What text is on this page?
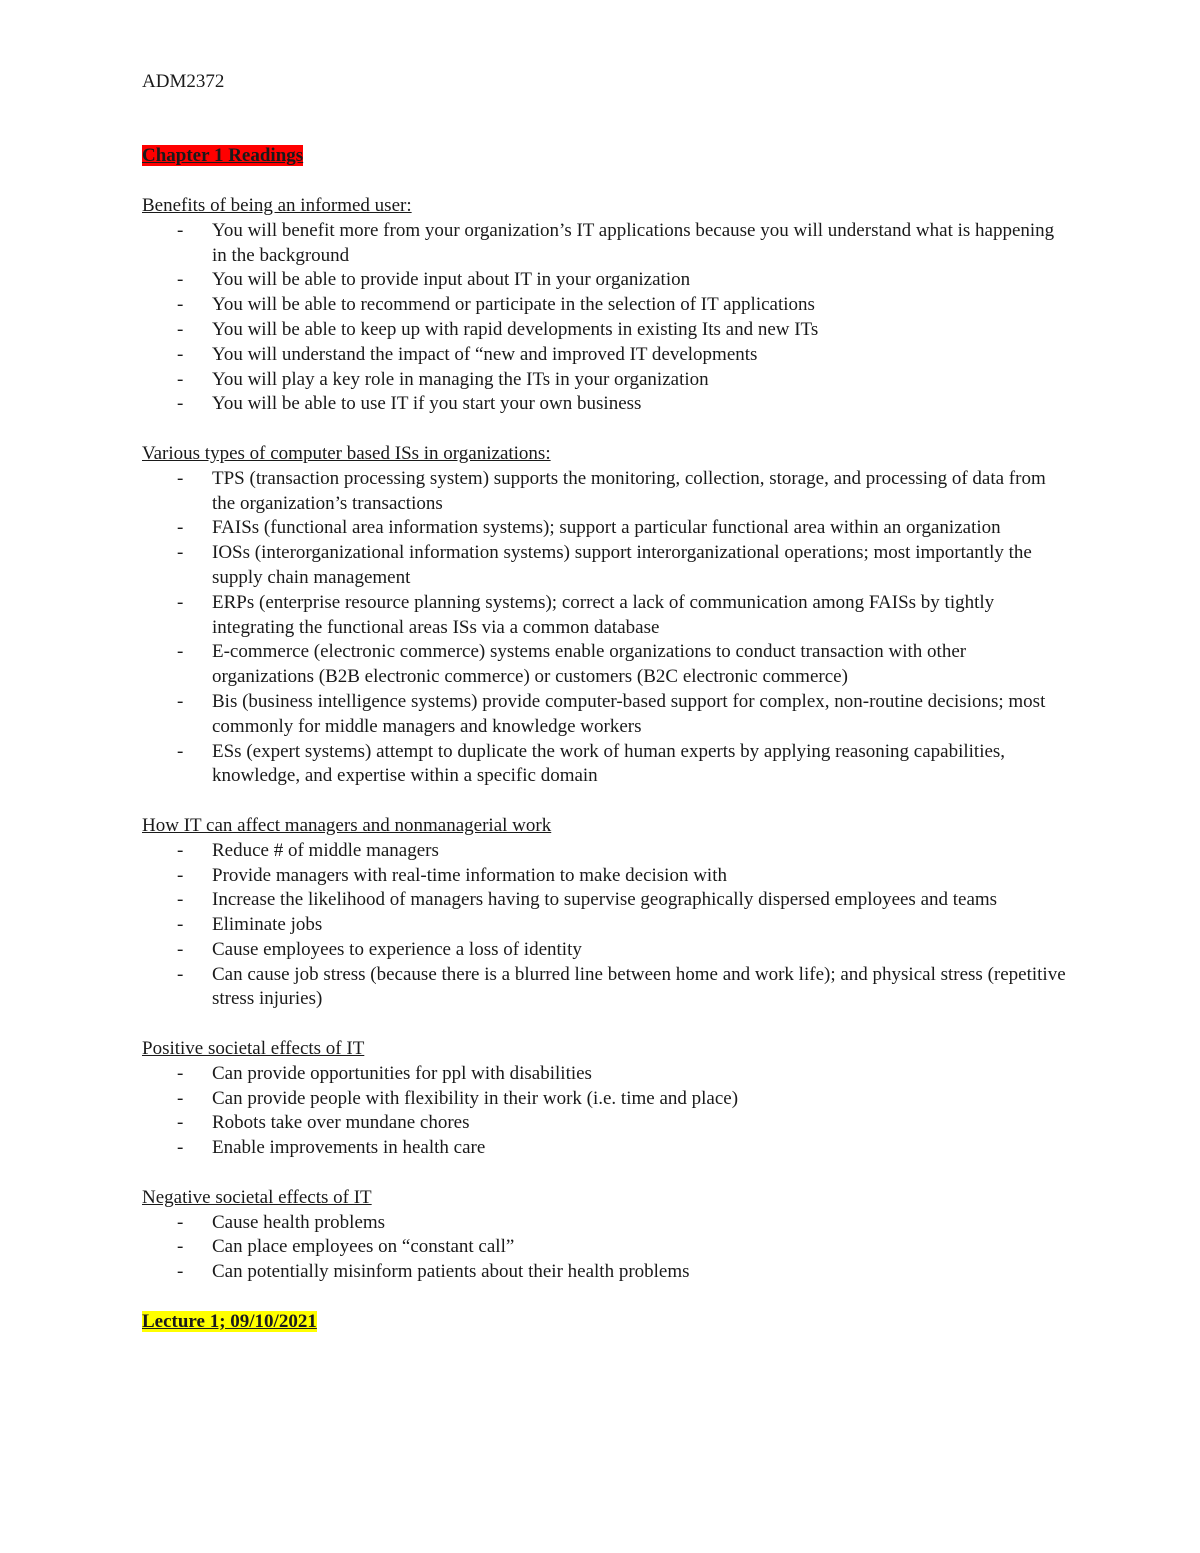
ADM2372

Chapter 1 Readings

Benefits of being an informed user:

- You will benefit more from your organization’s IT applications because you will understand what is happening in the background
- You will be able to provide input about IT in your organization
- You will be able to recommend or participate in the selection of IT applications
- You will be able to keep up with rapid developments in existing Its and new ITs
- You will understand the impact of “new and improved IT developments
- You will play a key role in managing the ITs in your organization
- You will be able to use IT if you start your own business

Various types of computer based ISs in organizations:

- TPS (transaction processing system) supports the monitoring, collection, storage, and processing of data from the organization’s transactions
- FAISs (functional area information systems); support a particular functional area within an organization
- IOSs (interorganizational information systems) support interorganizational operations; most importantly the supply chain management
- ERPs (enterprise resource planning systems); correct a lack of communication among FAISs by tightly integrating the functional areas ISs via a common database
- E-commerce (electronic commerce) systems enable organizations to conduct transaction with other organizations (B2B electronic commerce) or customers (B2C electronic commerce)
- Bis (business intelligence systems) provide computer-based support for complex, non-routine decisions; most commonly for middle managers and knowledge workers
- ESs (expert systems) attempt to duplicate the work of human experts by applying reasoning capabilities, knowledge, and expertise within a specific domain

How IT can affect managers and nonmanagerial work

- Reduce # of middle managers
- Provide managers with real-time information to make decision with
- Increase the likelihood of managers having to supervise geographically dispersed employees and teams
- Eliminate jobs
- Cause employees to experience a loss of identity
- Can cause job stress (because there is a blurred line between home and work life); and physical stress (repetitive stress injuries)

Positive societal effects of IT

- Can provide opportunities for ppl with disabilities
- Can provide people with flexibility in their work (i.e. time and place)
- Robots take over mundane chores
- Enable improvements in health care

Negative societal effects of IT

- Cause health problems
- Can place employees on “constant call”
- Can potentially misinform patients about their health problems

Lecture 1; 09/10/2021
